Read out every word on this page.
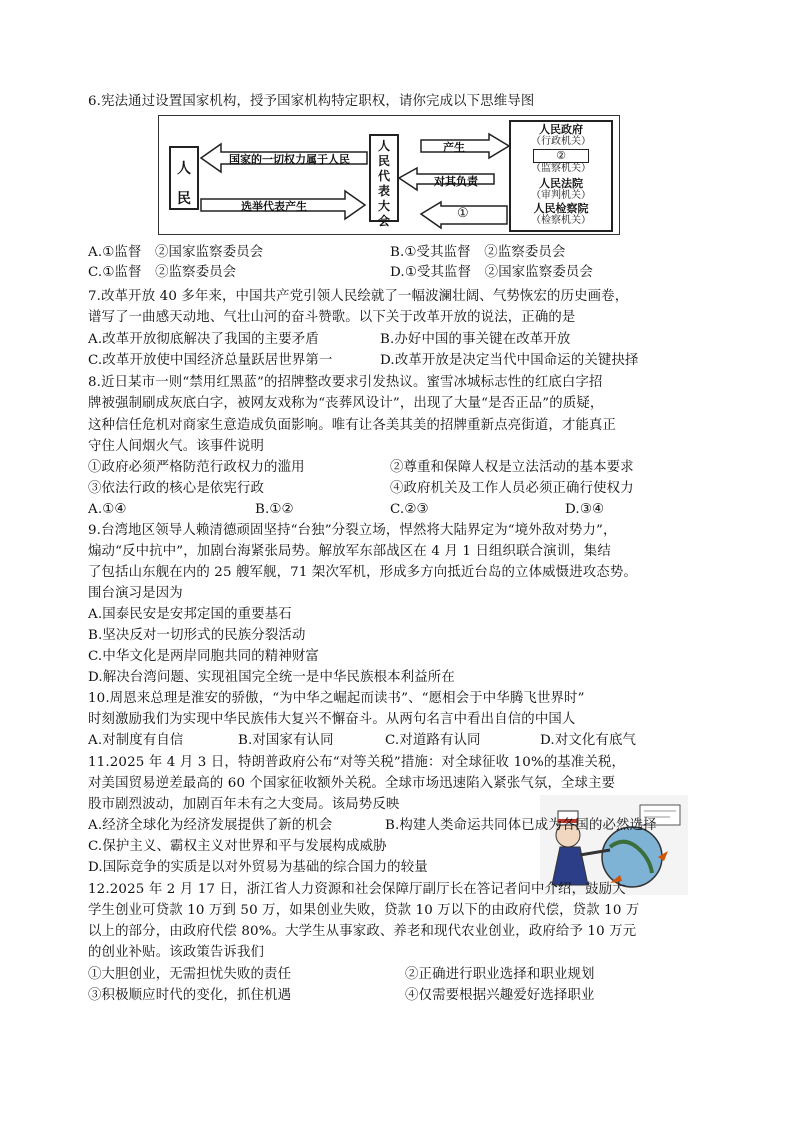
6.宪法通过设置国家机构，授予国家机构特定职权，请你完成以下思维导图
人民
国家的一切权力属于人民
选举代表产生
人民代表大会
产生
对其负责
①
人民政府
（行政机关）
②
（监察机关）
人民法院
（审判机关）
人民检察院
（检察机关）
A.①监督　②国家监察委员会	B.①受其监督　②监察委员会
C.①监督　②监察委员会	D.①受其监督　②国家监察委员会
7.改革开放 40 多年来，中国共产党引领人民绘就了一幅波澜壮阔、气势恢宏的历史画卷，
谱写了一曲感天动地、气壮山河的奋斗赞歌。以下关于改革开放的说法，正确的是
A.改革开放彻底解决了我国的主要矛盾	B.办好中国的事关键在改革开放
C.改革开放使中国经济总量跃居世界第一	D.改革开放是决定当代中国命运的关键抉择
8.近日某市一则“禁用红黑蓝”的招牌整改要求引发热议。蜜雪冰城标志性的红底白字招
牌被强制刷成灰底白字，被网友戏称为“丧葬风设计”，出现了大量“是否正品”的质疑，
这种信任危机对商家生意造成负面影响。唯有让各美其美的招牌重新点亮街道，才能真正
守住人间烟火气。该事件说明
①政府必须严格防范行政权力的滥用	②尊重和保障人权是立法活动的基本要求
③依法行政的核心是依宪行政	④政府机关及工作人员必须正确行使权力
A.①④	B.①②	C.②③	D.③④
9.台湾地区领导人赖清德顽固坚持“台独”分裂立场，悍然将大陆界定为“境外敌对势力”，
煽动“反中抗中”，加剧台海紧张局势。解放军东部战区在 4 月 1 日组织联合演训，集结
了包括山东舰在内的 25 艘军舰，71 架次军机，形成多方向抵近台岛的立体威慑进攻态势。
围台演习是因为
A.国泰民安是安邦定国的重要基石
B.坚决反对一切形式的民族分裂活动
C.中华文化是两岸同胞共同的精神财富
D.解决台湾问题、实现祖国完全统一是中华民族根本利益所在
10.周恩来总理是淮安的骄傲，“为中华之崛起而读书”、“愿相会于中华腾飞世界时”
时刻激励我们为实现中华民族伟大复兴不懈奋斗。从两句名言中看出自信的中国人
A.对制度有自信	B.对国家有认同	C.对道路有认同	D.对文化有底气
11.2025 年 4 月 3 日，特朗普政府公布“对等关税”措施：对全球征收 10%的基准关税，
对美国贸易逆差最高的 60 个国家征收额外关税。全球市场迅速陷入紧张气氛，全球主要
股市剧烈波动，加剧百年未有之大变局。该局势反映
A.经济全球化为经济发展提供了新的机会	B.构建人类命运共同体已成为各国的必然选择
C.保护主义、霸权主义对世界和平与发展构成威胁
D.国际竞争的实质是以对外贸易为基础的综合国力的较量
12.2025 年 2 月 17 日，浙江省人力资源和社会保障厅副厅长在答记者问中介绍，鼓励大
学生创业可贷款 10 万到 50 万，如果创业失败，贷款 10 万以下的由政府代偿，贷款 10 万
以上的部分，由政府代偿 80%。大学生从事家政、养老和现代农业创业，政府给予 10 万元
的创业补贴。该政策告诉我们
①大胆创业，无需担忧失败的责任	②正确进行职业选择和职业规划
③积极顺应时代的变化，抓住机遇	④仅需要根据兴趣爱好选择职业
